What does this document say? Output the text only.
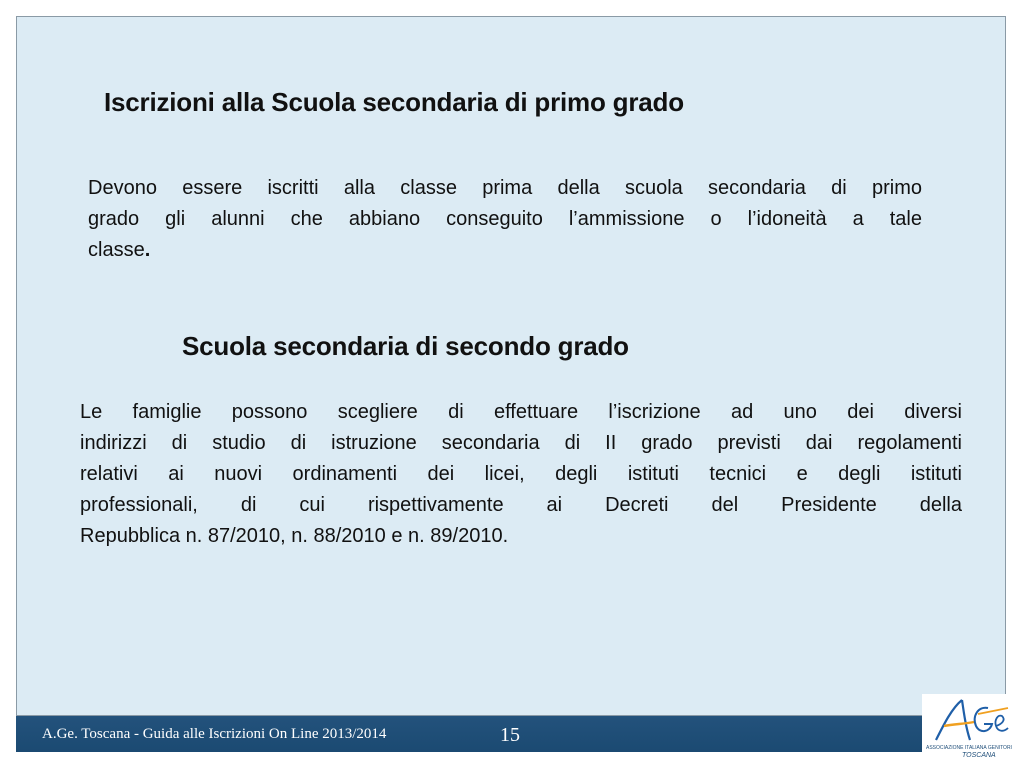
Iscrizioni alla Scuola secondaria di primo grado

Devono essere iscritti alla classe prima della scuola secondaria di primo
grado gli alunni che abbiano conseguito l’ammissione o l’idoneità a tale
classe.

Scuola secondaria di secondo grado

Le famiglie possono scegliere di effettuare l’iscrizione ad uno dei diversi
indirizzi di studio di istruzione secondaria di II grado previsti dai regolamenti
relativi ai nuovi ordinamenti dei licei, degli istituti tecnici e degli istituti
professionali, di cui rispettivamente ai Decreti del Presidente della
Repubblica n. 87/2010, n. 88/2010 e n. 89/2010.

A.Ge. Toscana - Guida alle Iscrizioni On Line 2013/2014	15
ASSOCIAZIONE ITALIANA GENITORI
TOSCANA
